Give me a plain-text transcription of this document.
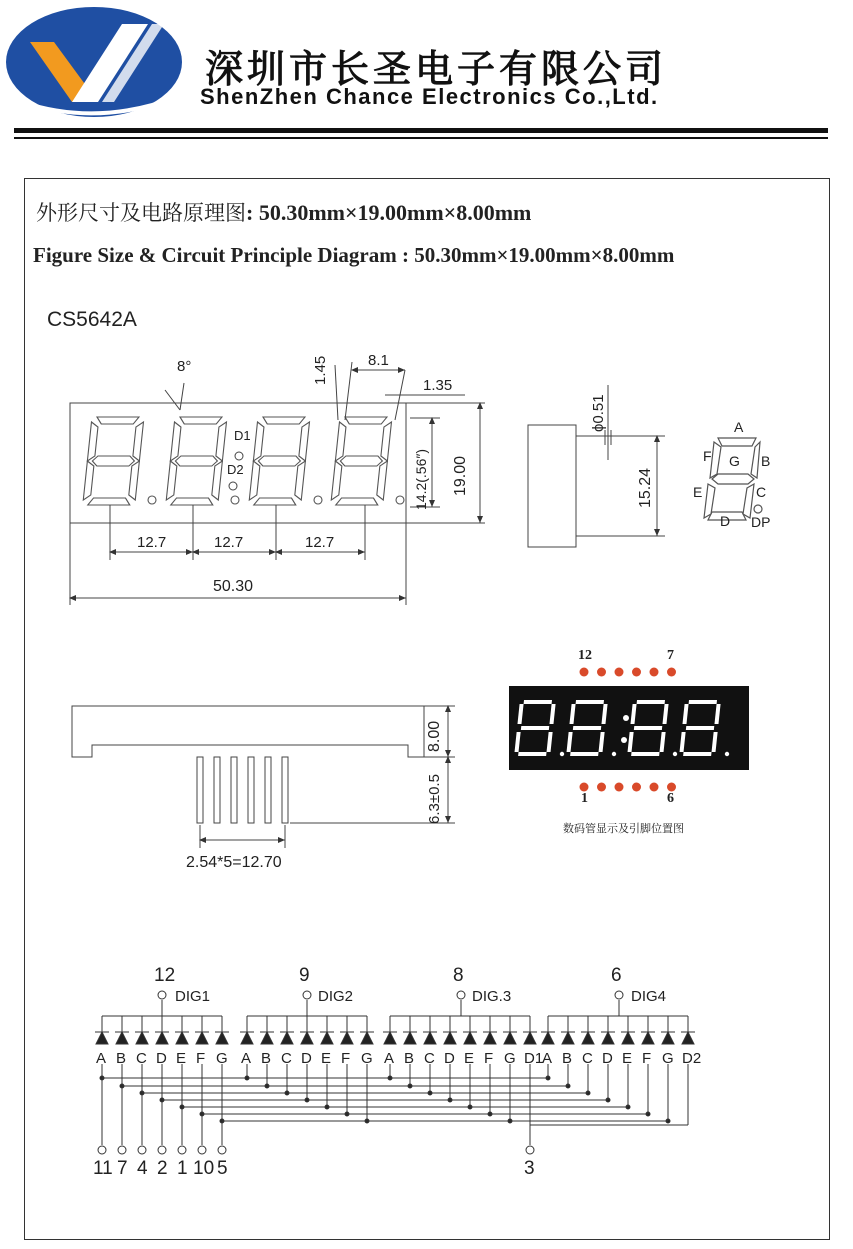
深圳市长圣电子有限公司
ShenZhen Chance Electronics Co.,Ltd.
外形尺寸及电路原理图: 50.30mm×19.00mm×8.00mm
Figure Size & Circuit Principle Diagram : 50.30mm×19.00mm×8.00mm
CS5642A
8°	1.45	8.1
1.35
D1
D2	14.2(.56″) 19.00
12.7	12.7	12.7
50.30
ϕ0.51
15.24
A
F G B
E	C
D DP
8.00
6.3±0.5
2.54*5=12.70
12	7
1	6
数码管显示及引脚位置图
12
DIG1
A B C D E F G
9
DIG2
A B C D E F G
8
DIG.3
A B C D E F G D1
6
DIG4
A B C D E F G D2
3
11 7 4 2 1 10 5
